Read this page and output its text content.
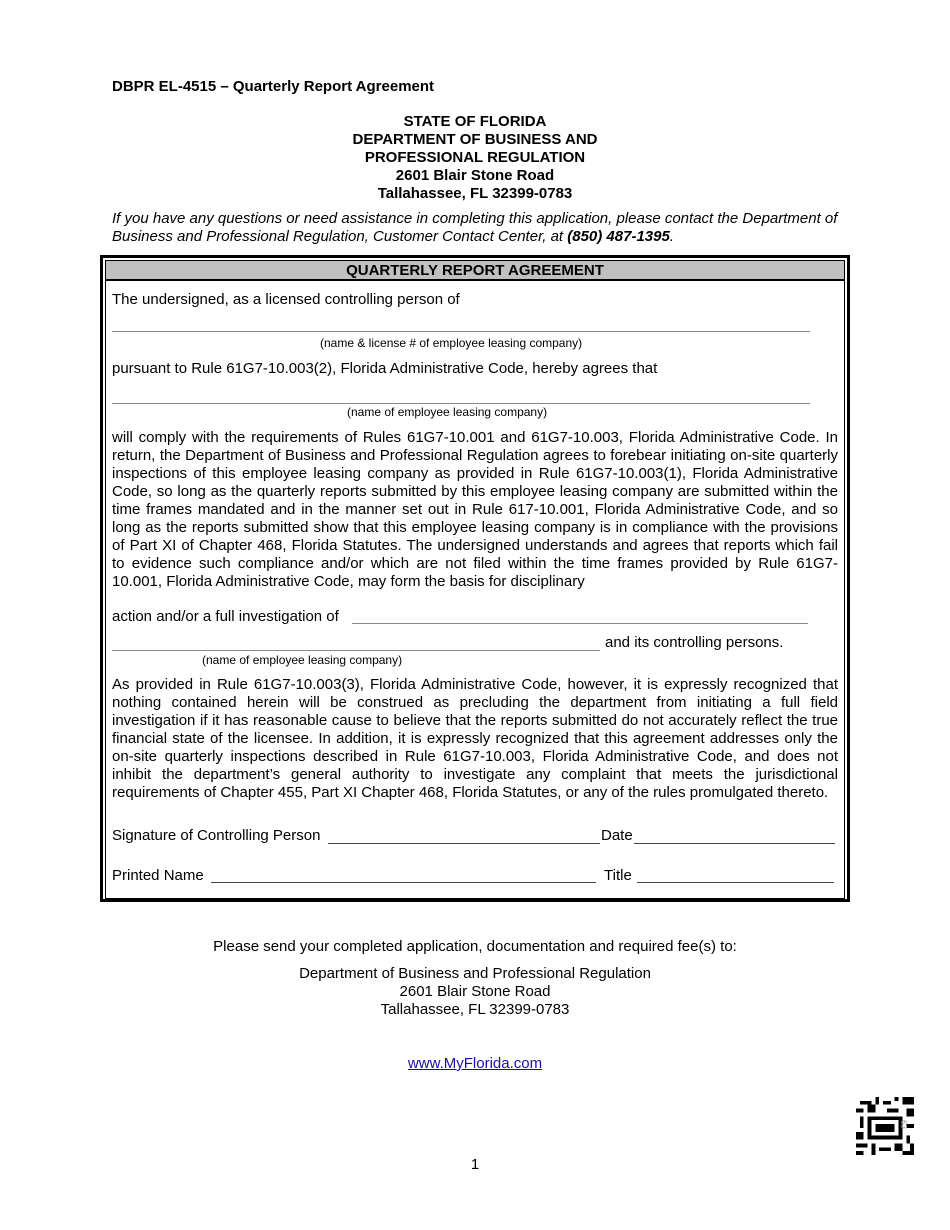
DBPR EL-4515 – Quarterly Report Agreement
STATE OF FLORIDA
DEPARTMENT OF BUSINESS AND
PROFESSIONAL REGULATION
2601 Blair Stone Road
Tallahassee, FL 32399-0783
If you have any questions or need assistance in completing this application, please contact the Department of Business and Professional Regulation, Customer Contact Center, at (850) 487-1395.
QUARTERLY REPORT AGREEMENT
The undersigned, as a licensed controlling person of
(name & license # of employee leasing company)
pursuant to Rule 61G7-10.003(2), Florida Administrative Code, hereby agrees that
(name of employee leasing company)
will comply with the requirements of Rules 61G7-10.001 and 61G7-10.003, Florida Administrative Code. In return, the Department of Business and Professional Regulation agrees to forebear initiating on-site quarterly inspections of this employee leasing company as provided in Rule 61G7-10.003(1), Florida Administrative Code, so long as the quarterly reports submitted by this employee leasing company are submitted within the time frames mandated and in the manner set out in Rule 617-10.001, Florida Administrative Code, and so long as the reports submitted show that this employee leasing company is in compliance with the provisions of Part XI of Chapter 468, Florida Statutes. The undersigned understands and agrees that reports which fail to evidence such compliance and/or which are not filed within the time frames provided by Rule 61G7-10.001, Florida Administrative Code, may form the basis for disciplinary
action and/or a full investigation of
and its controlling persons.
(name of employee leasing company)
As provided in Rule 61G7-10.003(3), Florida Administrative Code, however, it is expressly recognized that nothing contained herein will be construed as precluding the department from initiating a full field investigation if it has reasonable cause to believe that the reports submitted do not accurately reflect the true financial state of the licensee. In addition, it is expressly recognized that this agreement addresses only the on-site quarterly inspections described in Rule 61G7-10.003, Florida Administrative Code, and does not inhibit the department’s general authority to investigate any complaint that meets the jurisdictional requirements of Chapter 455, Part XI Chapter 468, Florida Statutes, or any of the rules promulgated thereto.
Signature of Controlling Person	Date
Printed Name	Title
Please send your completed application, documentation and required fee(s) to:
Department of Business and Professional Regulation
2601 Blair Stone Road
Tallahassee, FL 32399-0783
www.MyFlorida.com
63
1
